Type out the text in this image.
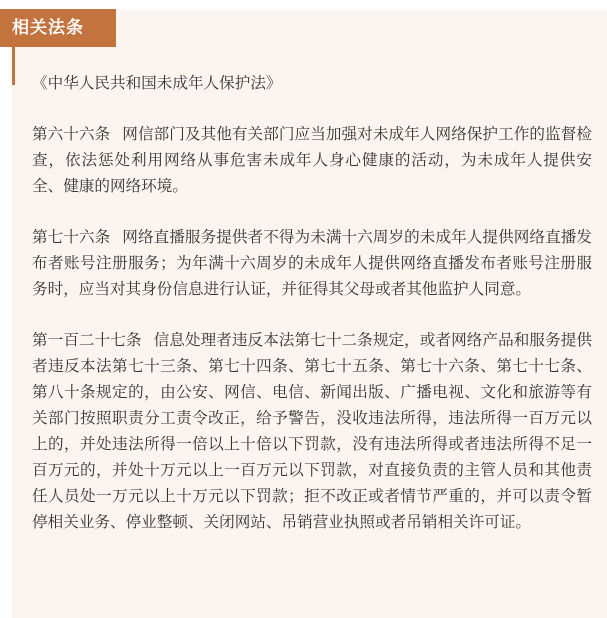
相关法条

《中华人民共和国未成年人保护法》

第六十六条 网信部门及其他有关部门应当加强对未成年人网络保护工作的监督检查，依法惩处利用网络从事危害未成年人身心健康的活动，为未成年人提供安全、健康的网络环境。

第七十六条 网络直播服务提供者不得为未满十六周岁的未成年人提供网络直播发布者账号注册服务；为年满十六周岁的未成年人提供网络直播发布者账号注册服务时，应当对其身份信息进行认证，并征得其父母或者其他监护人同意。

第一百二十七条 信息处理者违反本法第七十二条规定，或者网络产品和服务提供者违反本法第七十三条、第七十四条、第七十五条、第七十六条、第七十七条、第八十条规定的，由公安、网信、电信、新闻出版、广播电视、文化和旅游等有关部门按照职责分工责令改正，给予警告，没收违法所得，违法所得一百万元以上的，并处违法所得一倍以上十倍以下罚款，没有违法所得或者违法所得不足一百万元的，并处十万元以上一百万元以下罚款，对直接负责的主管人员和其他责任人员处一万元以上十万元以下罚款；拒不改正或者情节严重的，并可以责令暂停相关业务、停业整顿、关闭网站、吊销营业执照或者吊销相关许可证。
